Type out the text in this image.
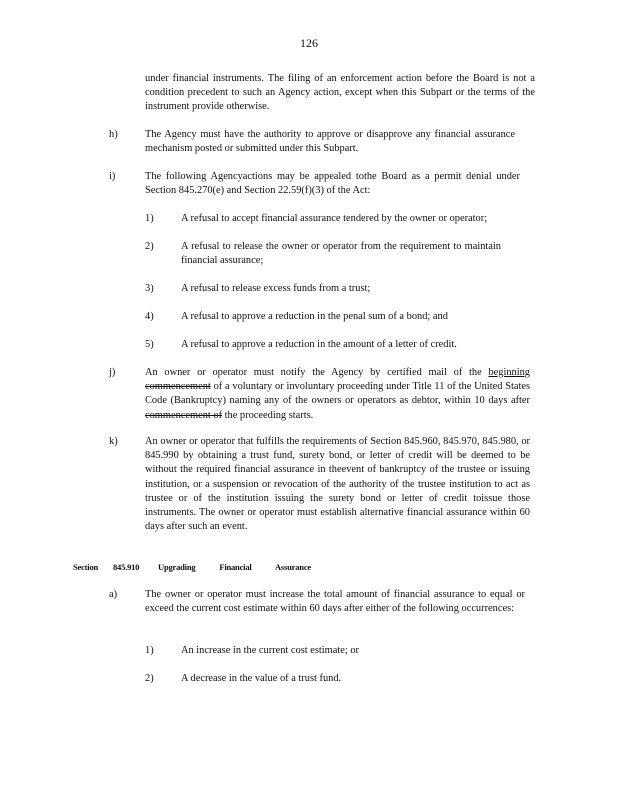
126
under financial instruments. The filing of an enforcement action before the Board is not a condition precedent to such an Agency action, except when this Subpart or the terms of the instrument provide otherwise.
h)	The Agency must have the authority to approve or disapprove any financial assurance mechanism posted or submitted under this Subpart.
i)	The following Agencyactions may be appealed tothe Board as a permit denial under Section 845.270(e) and Section 22.59(f)(3) of the Act:
1)	A refusal to accept financial assurance tendered by the owner or operator;
2)	A refusal to release the owner or operator from the requirement to maintain financial assurance;
3)	A refusal to release excess funds from a trust;
4)	A refusal to approve a reduction in the penal sum of a bond; and
5)	A refusal to approve a reduction in the amount of a letter of credit.
j)	An owner or operator must notify the Agency by certified mail of the beginning commencement of a voluntary or involuntary proceeding under Title 11 of the United States Code (Bankruptcy) naming any of the owners or operators as debtor, within 10 days after commencement of the proceeding starts.
k)	An owner or operator that fulfills the requirements of Section 845.960, 845.970, 845.980, or 845.990 by obtaining a trust fund, surety bond, or letter of credit will be deemed to be without the required financial assurance in theevent of bankruptcy of the trustee or issuing institution, or a suspension or revocation of the authority of the trustee institution to act as trustee or of the institution issuing the surety bond or letter of credit toissue those instruments. The owner or operator must establish alternative financial assurance within 60 days after such an event.
Section 845.910 Upgrading Financial Assurance
a)	The owner or operator must increase the total amount of financial assurance to equal or exceed the current cost estimate within 60 days after either of the following occurrences:
1)	An increase in the current cost estimate; or
2)	A decrease in the value of a trust fund.
